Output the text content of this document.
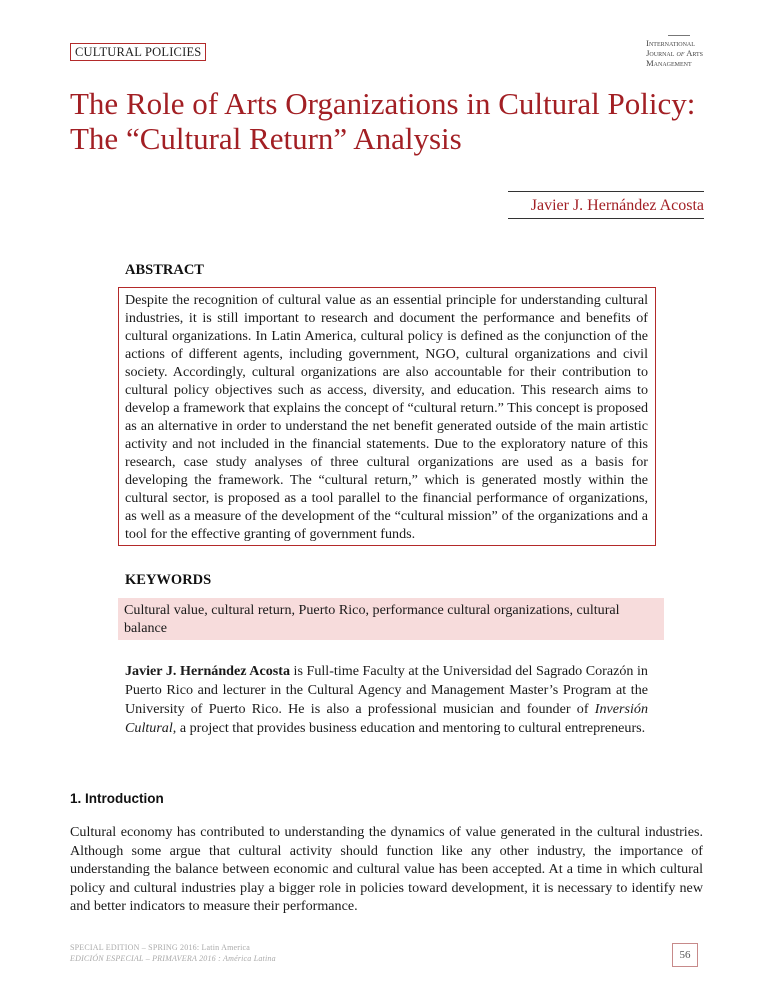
CULTURAL POLICIES
International
Journal of Arts
Management
The Role of Arts Organizations in Cultural Policy:
The “Cultural Return” Analysis
Javier J. Hernández Acosta
ABSTRACT
Despite the recognition of cultural value as an essential principle for understanding cultural industries, it is still important to research and document the performance and benefits of cultural organizations. In Latin America, cultural policy is defined as the conjunction of the actions of different agents, including government, NGO, cultural organizations and civil society. Accordingly, cultural organizations are also accountable for their contribution to cultural policy objectives such as access, diversity, and education. This research aims to develop a framework that explains the concept of “cultural return.” This concept is proposed as an alternative in order to understand the net benefit generated outside of the main artistic activity and not included in the financial statements. Due to the exploratory nature of this research, case study analyses of three cultural organizations are used as a basis for developing the framework. The “cultural return,” which is generated mostly within the cultural sector, is proposed as a tool parallel to the financial performance of organizations, as well as a measure of the development of the “cultural mission” of the organizations and a tool for the effective granting of government funds.
KEYWORDS
Cultural value, cultural return, Puerto Rico, performance cultural organizations, cultural balance
Javier J. Hernández Acosta is Full-time Faculty at the Universidad del Sagrado Corazón in Puerto Rico and lecturer in the Cultural Agency and Management Master’s Program at the University of Puerto Rico. He is also a professional musician and founder of Inversión Cultural, a project that provides business education and mentoring to cultural entrepreneurs.
1. Introduction
Cultural economy has contributed to understanding the dynamics of value generated in the cultural industries. Although some argue that cultural activity should function like any other industry, the importance of understanding the balance between economic and cultural value has been accepted. At a time in which cultural policy and cultural industries play a bigger role in policies toward development, it is necessary to identify new and better indicators to measure their performance.
SPECIAL EDITION – SPRING 2016: Latin America
EDICIÓN ESPECIAL – PRIMAVERA 2016 : América Latina	56
